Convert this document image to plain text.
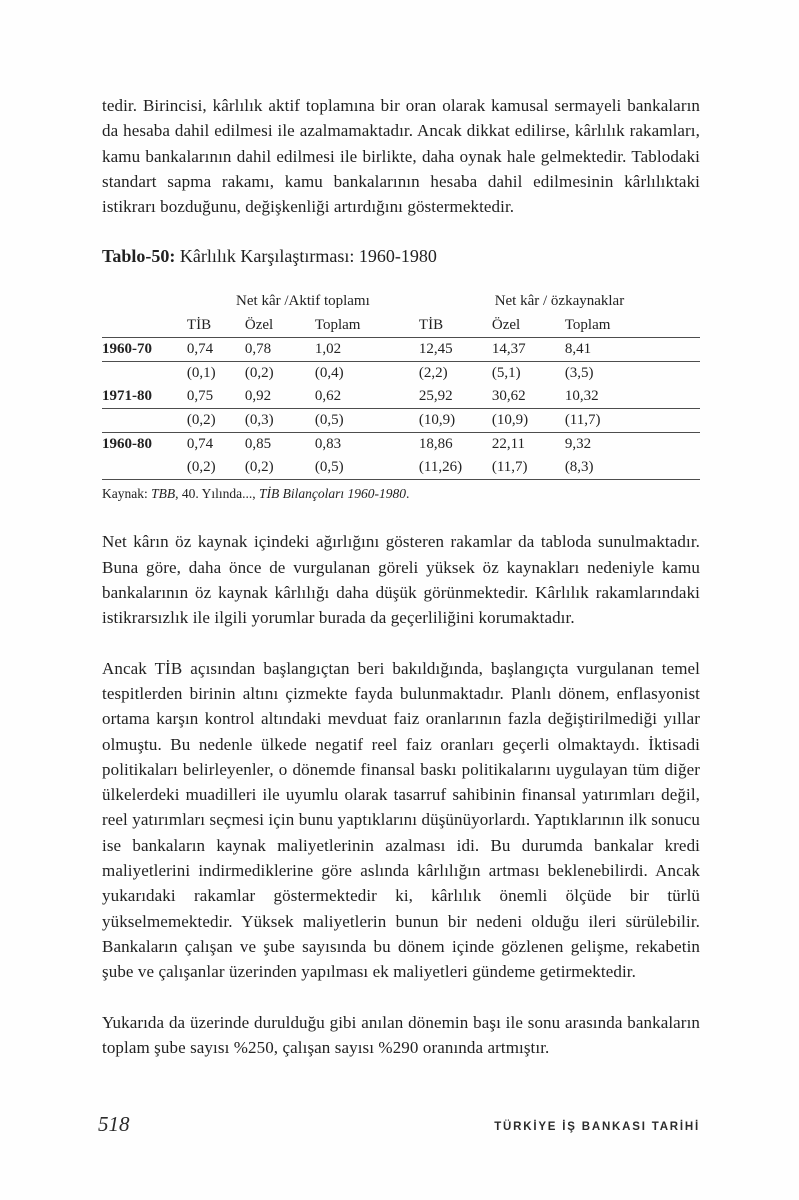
tedir. Birincisi, kârlılık aktif toplamına bir oran olarak kamusal sermayeli bankaların da hesaba dahil edilmesi ile azalmamaktadır. Ancak dikkat edilirse, kârlılık rakamları, kamu bankalarının dahil edilmesi ile birlikte, daha oynak hale gelmektedir. Tablodaki standart sapma rakamı, kamu bankalarının hesaba dahil edilmesinin kârlılıktaki istikrarı bozduğunu, değişkenliği artırdığını göstermektedir.

Tablo-50: Kârlılık Karşılaştırması: 1960-1980

	Net kâr /Aktif toplamı			Net kâr / özkaynaklar		
	TİB	Özel	Toplam	TİB	Özel	Toplam
1960-70	0,74	0,78	1,02	12,45	14,37	8,41
	(0,1)	(0,2)	(0,4)	(2,2)	(5,1)	(3,5)
1971-80	0,75	0,92	0,62	25,92	30,62	10,32
	(0,2)	(0,3)	(0,5)	(10,9)	(10,9)	(11,7)
1960-80	0,74	0,85	0,83	18,86	22,11	9,32
	(0,2)	(0,2)	(0,5)	(11,26)	(11,7)	(8,3)

Kaynak: TBB, 40. Yılında..., TİB Bilançoları 1960-1980.

Net kârın öz kaynak içindeki ağırlığını gösteren rakamlar da tabloda sunulmaktadır. Buna göre, daha önce de vurgulanan göreli yüksek öz kaynakları nedeniyle kamu bankalarının öz kaynak kârlılığı daha düşük görünmektedir. Kârlılık rakamlarındaki istikrarsızlık ile ilgili yorumlar burada da geçerliliğini korumaktadır.

Ancak TİB açısından başlangıçtan beri bakıldığında, başlangıçta vurgulanan temel tespitlerden birinin altını çizmekte fayda bulunmaktadır. Planlı dönem, enflasyonist ortama karşın kontrol altındaki mevduat faiz oranlarının fazla değiştirilmediği yıllar olmuştu. Bu nedenle ülkede negatif reel faiz oranları geçerli olmaktaydı. İktisadi politikaları belirleyenler, o dönemde finansal baskı politikalarını uygulayan tüm diğer ülkelerdeki muadilleri ile uyumlu olarak tasarruf sahibinin finansal yatırımları değil, reel yatırımları seçmesi için bunu yaptıklarını düşünüyorlardı. Yaptıklarının ilk sonucu ise bankaların kaynak maliyetlerinin azalması idi. Bu durumda bankalar kredi maliyetlerini indirmediklerine göre aslında kârlılığın artması beklenebilirdi. Ancak yukarıdaki rakamlar göstermektedir ki, kârlılık önemli ölçüde bir türlü yükselmemektedir. Yüksek maliyetlerin bunun bir nedeni olduğu ileri sürülebilir. Bankaların çalışan ve şube sayısında bu dönem içinde gözlenen gelişme, rekabetin şube ve çalışanlar üzerinden yapılması ek maliyetleri gündeme getirmektedir.

Yukarıda da üzerinde durulduğu gibi anılan dönemin başı ile sonu arasında bankaların toplam şube sayısı %250, çalışan sayısı %290 oranında artmıştır.

518	TÜRKİYE İŞ BANKASI TARİHİ
